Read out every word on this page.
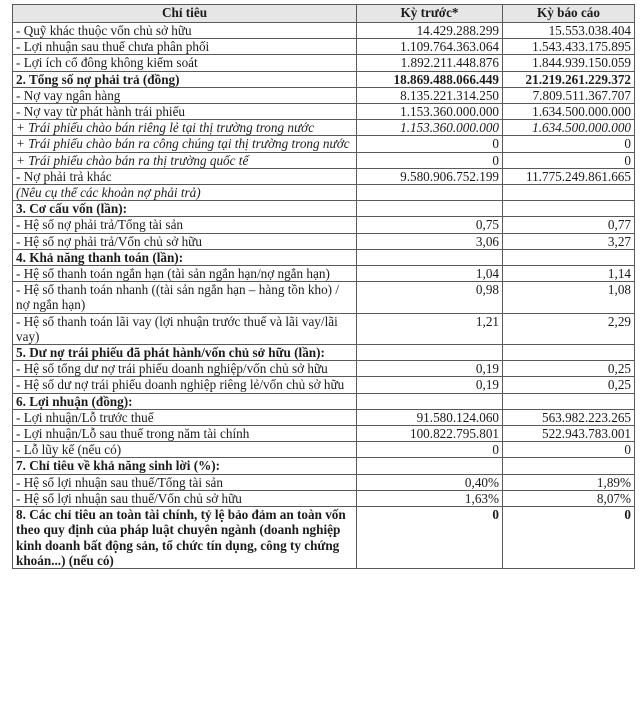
Chỉ tiêu	Kỳ trước*	Kỳ báo cáo
- Quỹ khác thuộc vốn chủ sở hữu	14.429.288.299	15.553.038.404
- Lợi nhuận sau thuế chưa phân phối	1.109.764.363.064	1.543.433.175.895
- Lợi ích cổ đông không kiểm soát	1.892.211.448.876	1.844.939.150.059
2. Tổng số nợ phải trả (đồng)	18.869.488.066.449	21.219.261.229.372
- Nợ vay ngân hàng	8.135.221.314.250	7.809.511.367.707
- Nợ vay từ phát hành trái phiếu	1.153.360.000.000	1.634.500.000.000
+ Trái phiếu chào bán riêng lẻ tại thị trường trong nước	1.153.360.000.000	1.634.500.000.000
+ Trái phiếu chào bán ra công chúng tại thị trường trong nước	0	0
+ Trái phiếu chào bán ra thị trường quốc tế	0	0
- Nợ phải trả khác	9.580.906.752.199	11.775.249.861.665
(Nêu cụ thể các khoản nợ phải trả)		
3. Cơ cấu vốn (lần):		
- Hệ số nợ phải trả/Tổng tài sản	0,75	0,77
- Hệ số nợ phải trả/Vốn chủ sở hữu	3,06	3,27
4. Khả năng thanh toán (lần):		
- Hệ số thanh toán ngắn hạn (tài sản ngắn hạn/nợ ngắn hạn)	1,04	1,14
- Hệ số thanh toán nhanh ((tài sản ngắn hạn – hàng tồn kho) / nợ ngắn hạn)	0,98	1,08
- Hệ số thanh toán lãi vay (lợi nhuận trước thuế và lãi vay/lãi vay)	1,21	2,29
5. Dư nợ trái phiếu đã phát hành/vốn chủ sở hữu (lần):		
- Hệ số tổng dư nợ trái phiếu doanh nghiệp/vốn chủ sở hữu	0,19	0,25
- Hệ số dư nợ trái phiếu doanh nghiệp riêng lẻ/vốn chủ sở hữu	0,19	0,25
6. Lợi nhuận (đồng):		
- Lợi nhuận/Lỗ trước thuế	91.580.124.060	563.982.223.265
- Lợi nhuận/Lỗ sau thuế trong năm tài chính	100.822.795.801	522.943.783.001
- Lỗ lũy kế (nếu có)	0	0
7. Chỉ tiêu về khả năng sinh lời (%):		
- Hệ số lợi nhuận sau thuế/Tổng tài sản	0,40%	1,89%
- Hệ số lợi nhuận sau thuế/Vốn chủ sở hữu	1,63%	8,07%
8. Các chỉ tiêu an toàn tài chính, tỷ lệ bảo đảm an toàn vốn theo quy định của pháp luật chuyên ngành (doanh nghiệp kinh doanh bất động sản, tổ chức tín dụng, công ty chứng khoán...) (nếu có)	0	0
